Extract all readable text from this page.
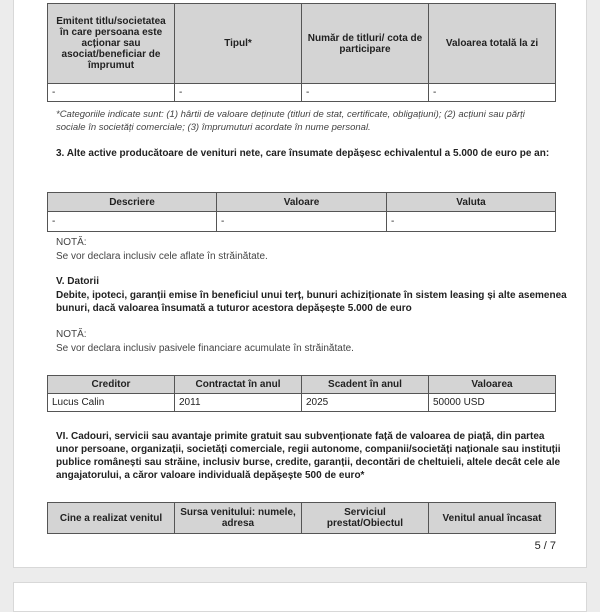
Emitent titlu/societatea în care persoana este acționar sau asociat/beneficiar de împrumut	Tipul*	Număr de titluri/ cota de participare	Valoarea totală la zi
-	-	-	-
*Categoriile indicate sunt: (1) hârtii de valoare deținute (titluri de stat, certificate, obligațiuni); (2) acțiuni sau părți sociale în societăți comerciale; (3) împrumuturi acordate în nume personal.
3. Alte active producătoare de venituri nete, care însumate depășesc echivalentul a 5.000 de euro pe an:
Descriere	Valoare	Valuta
-	-	-
NOTĂ:
Se vor declara inclusiv cele aflate în străinătate.
V. Datorii
Debite, ipoteci, garanții emise în beneficiul unui terț, bunuri achiziționate în sistem leasing și alte asemenea bunuri, dacă valoarea însumată a tuturor acestora depășește 5.000 de euro
NOTĂ:
Se vor declara inclusiv pasivele financiare acumulate în străinătate.
Creditor	Contractat în anul	Scadent în anul	Valoarea
Lucus Calin	2011	2025	50000 USD
VI. Cadouri, servicii sau avantaje primite gratuit sau subvenționate față de valoarea de piață, din partea unor persoane, organizații, societăți comerciale, regii autonome, companii/societăți naționale sau instituții publice românești sau străine, inclusiv burse, credite, garanții, decontări de cheltuieli, altele decât cele ale angajatorului, a căror valoare individuală depășește 500 de euro*
Cine a realizat venitul	Sursa venitului: numele, adresa	Serviciul prestat/Obiectul	Venitul anual încasat
5 / 7
